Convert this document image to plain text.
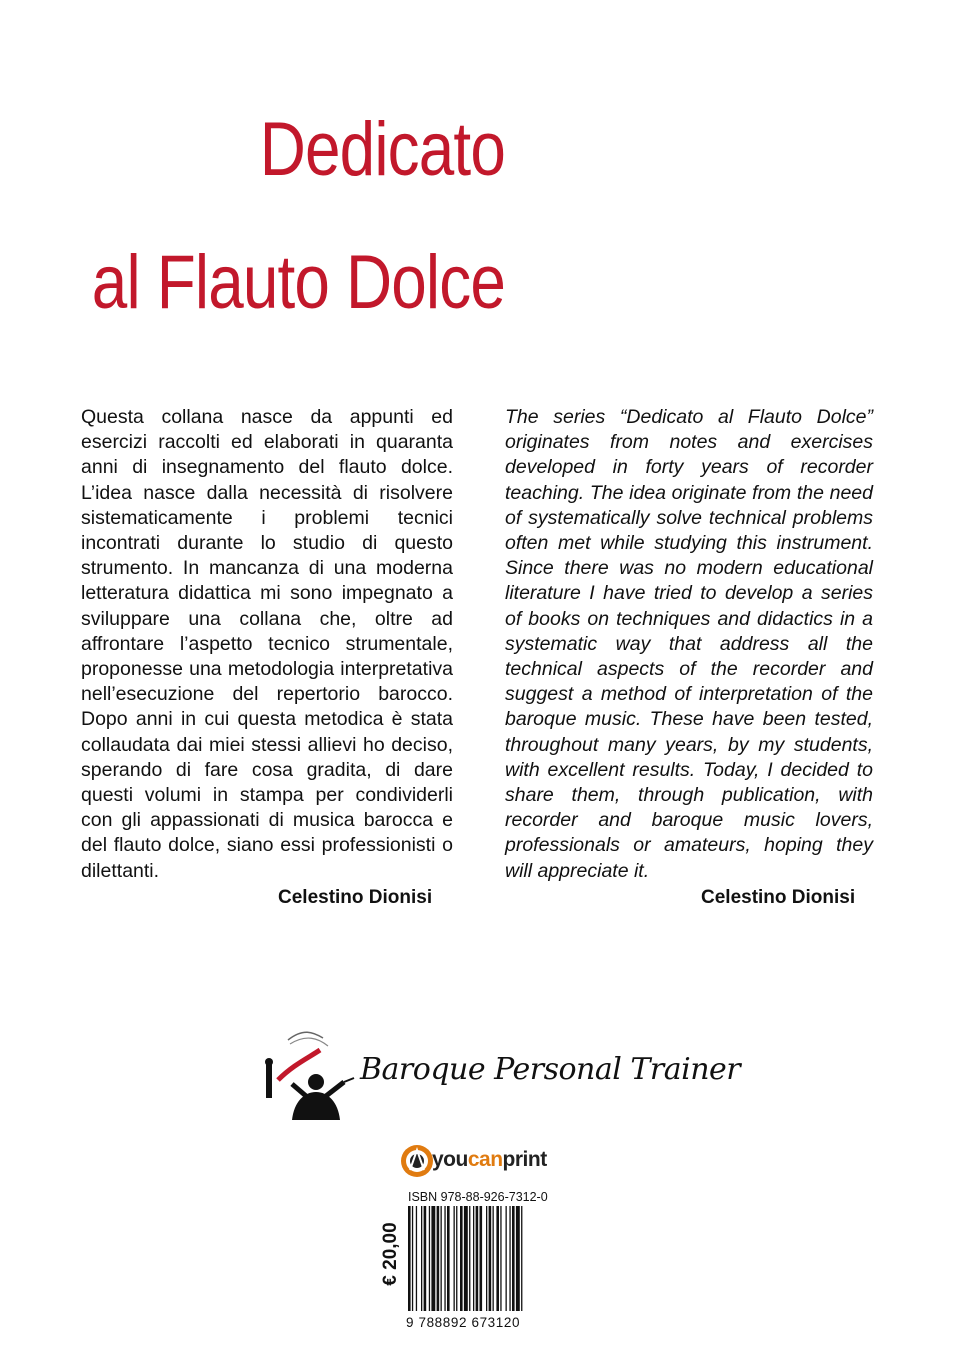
Dedicato
al Flauto Dolce

Questa collana nasce da appunti ed esercizi raccolti ed elaborati in quaranta anni di insegnamento del flauto dolce. L’idea nasce dalla necessità di risolvere sistematicamente i problemi tecnici incontrati durante lo studio di questo strumento. In mancanza di una moderna letteratura didattica mi sono impegnato a sviluppare una collana che, oltre ad affrontare l’aspetto tecnico strumentale, proponesse una metodologia interpretativa nell’esecuzione del repertorio barocco. Dopo anni in cui questa metodica è stata collaudata dai miei stessi allievi ho deciso, sperando di fare cosa gradita, di dare questi volumi in stampa per condividerli con gli appassionati di musica barocca e del flauto dolce, siano essi professionisti o dilettanti.

Celestino Dionisi

The series “Dedicato al Flauto Dolce” originates from notes and exercises developed in forty years of recorder teaching. The idea originate from the need of systematically solve technical problems often met while studying this instrument. Since there was no modern educational literature I have tried to develop a series of books on techniques and didactics in a systematic way that address all the technical aspects of the recorder and suggest a method of interpretation of the baroque music. These have been tested, throughout many years, by my students, with excellent results. Today, I decided to share them, through publication, with recorder and baroque music lovers, professionals or amateurs, hoping they will appreciate it.

Celestino Dionisi
Baroque Personal Trainer
youcanprint
ISBN 978-88-926-7312-0
9 788892 673120
€ 20,00
